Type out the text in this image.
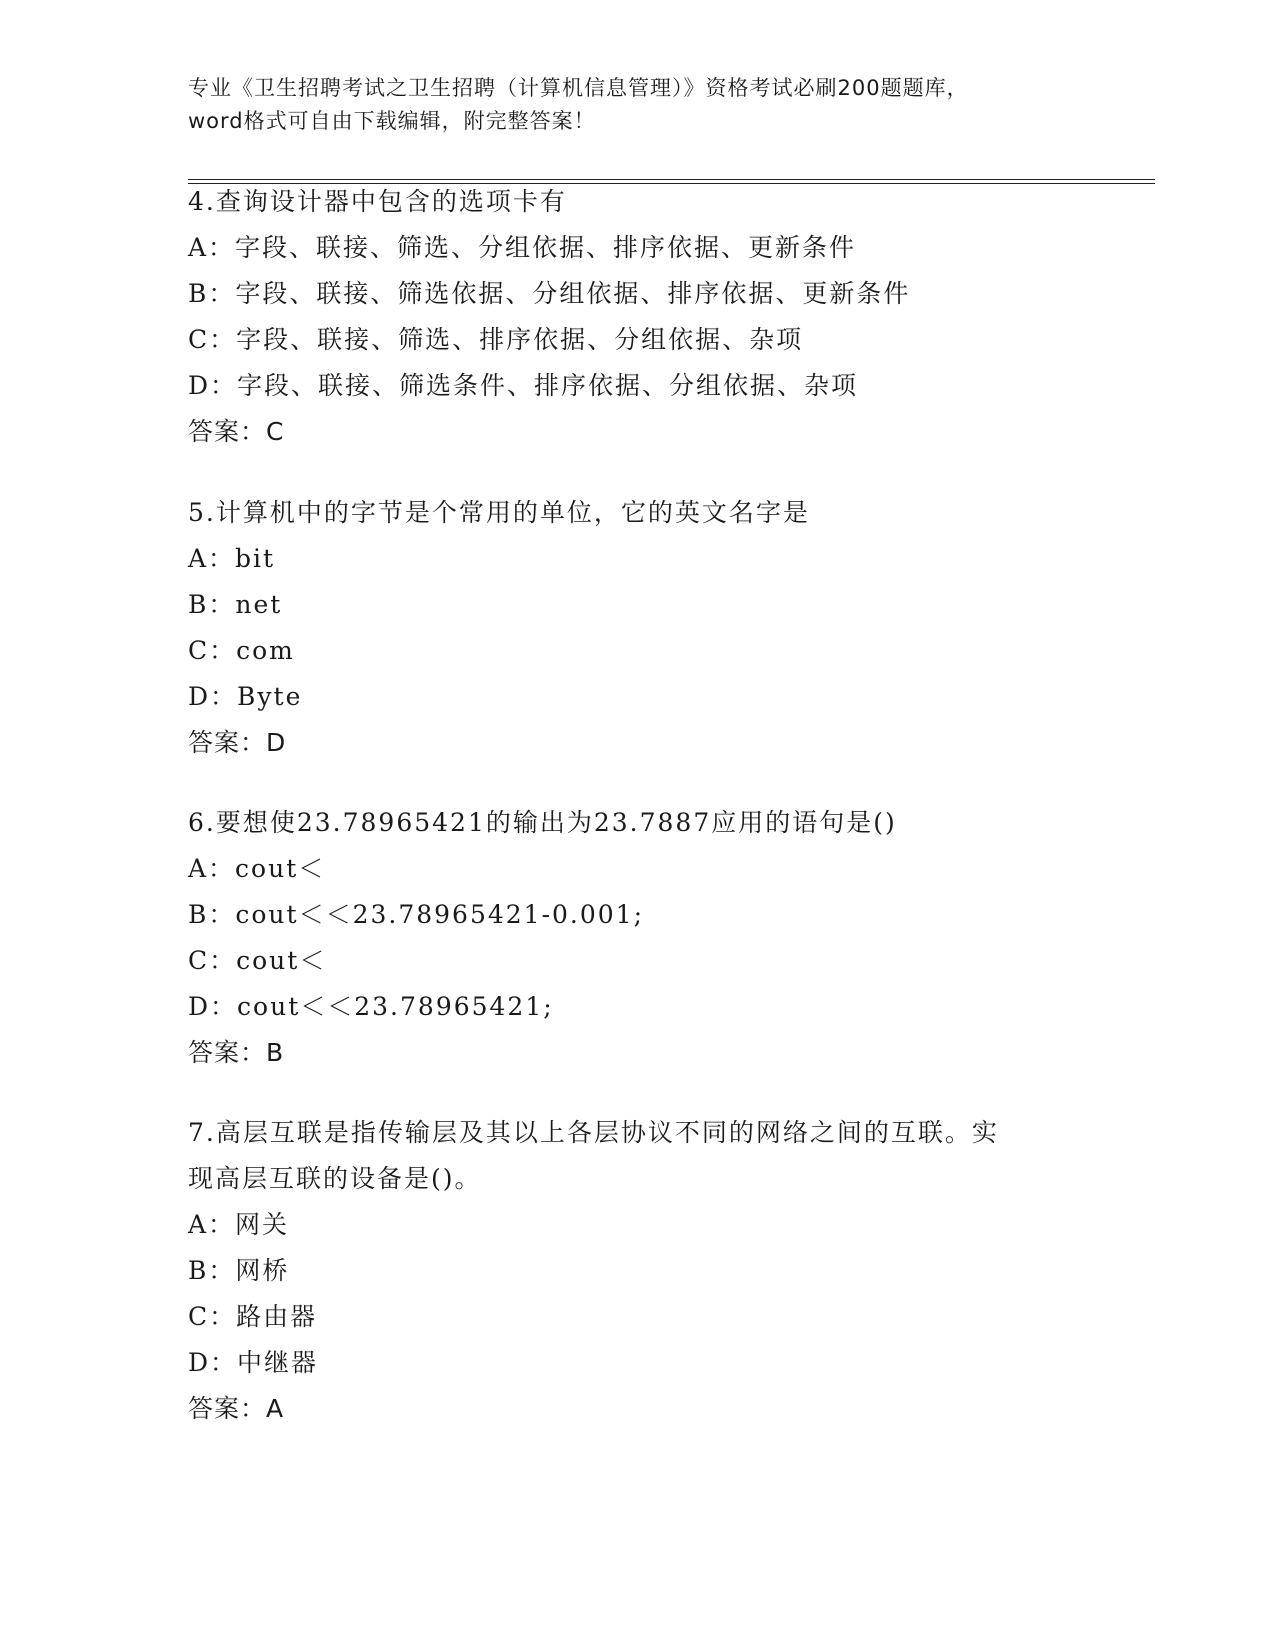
专业《卫生招聘考试之卫生招聘（计算机信息管理）》资格考试必刷200题题库，
word格式可自由下载编辑，附完整答案！
4.查询设计器中包含的选项卡有
A：字段、联接、筛选、分组依据、排序依据、更新条件
B：字段、联接、筛选依据、分组依据、排序依据、更新条件
C：字段、联接、筛选、排序依据、分组依据、杂项
D：字段、联接、筛选条件、排序依据、分组依据、杂项
答案：C
5.计算机中的字节是个常用的单位，它的英文名字是
A：bit
B：net
C：com
D：Byte
答案：D
6.要想使23.78965421的输出为23.7887应用的语句是()
A：cout＜
B：cout＜＜23.78965421-0.001;
C：cout＜
D：cout＜＜23.78965421;
答案：B
7.高层互联是指传输层及其以上各层协议不同的网络之间的互联。实
现高层互联的设备是()。
A：网关
B：网桥
C：路由器
D：中继器
答案：A
